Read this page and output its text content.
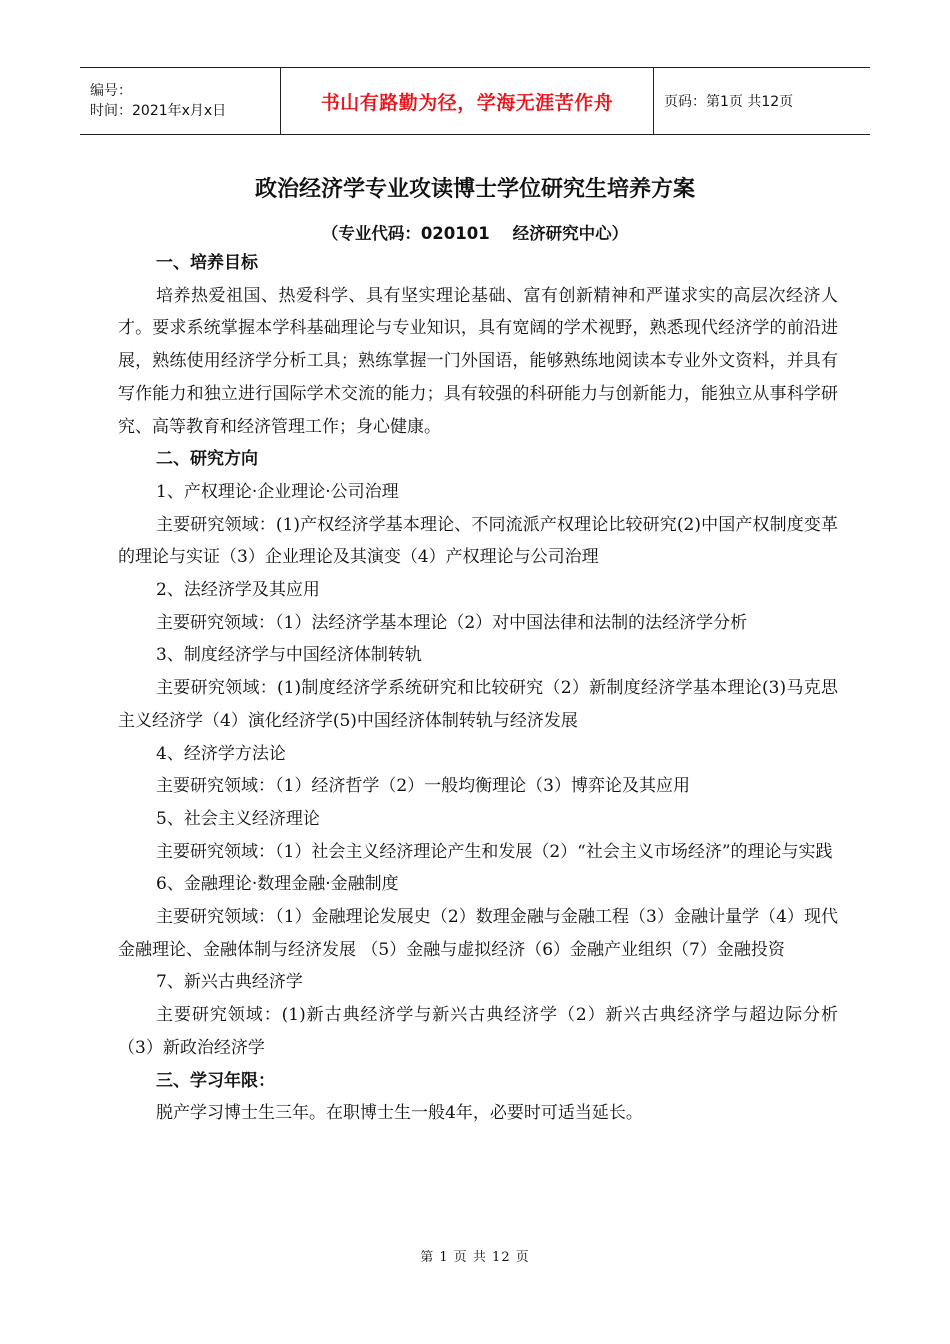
编号：
时间：2021年x月x日	书山有路勤为径，学海无涯苦作舟	页码：第1页 共12页
政治经济学专业攻读博士学位研究生培养方案
（专业代码：020101    经济研究中心）

一、培养目标

培养热爱祖国、热爱科学、具有坚实理论基础、富有创新精神和严谨求实的高层次经济人才。要求系统掌握本学科基础理论与专业知识，具有宽阔的学术视野，熟悉现代经济学的前沿进展，熟练使用经济学分析工具；熟练掌握一门外国语，能够熟练地阅读本专业外文资料，并具有写作能力和独立进行国际学术交流的能力；具有较强的科研能力与创新能力，能独立从事科学研究、高等教育和经济管理工作；身心健康。

二、研究方向

1、产权理论·企业理论·公司治理

主要研究领域：(1)产权经济学基本理论、不同流派产权理论比较研究(2)中国产权制度变革的理论与实证（3）企业理论及其演变（4）产权理论与公司治理

2、法经济学及其应用

主要研究领域：（1）法经济学基本理论（2）对中国法律和法制的法经济学分析

3、制度经济学与中国经济体制转轨

主要研究领域：(1)制度经济学系统研究和比较研究（2）新制度经济学基本理论(3)马克思主义经济学（4）演化经济学(5)中国经济体制转轨与经济发展

4、经济学方法论

主要研究领域：（1）经济哲学（2）一般均衡理论（3）博弈论及其应用

5、社会主义经济理论

主要研究领域：（1）社会主义经济理论产生和发展（2）“社会主义市场经济”的理论与实践

6、金融理论·数理金融·金融制度

主要研究领域：（1）金融理论发展史（2）数理金融与金融工程（3）金融计量学（4）现代金融理论、金融体制与经济发展 （5）金融与虚拟经济（6）金融产业组织（7）金融投资

7、新兴古典经济学

主要研究领域：(1)新古典经济学与新兴古典经济学（2）新兴古典经济学与超边际分析（3）新政治经济学

三、学习年限：

脱产学习博士生三年。在职博士生一般4年，必要时可适当延长。

第 1 页 共 12 页
